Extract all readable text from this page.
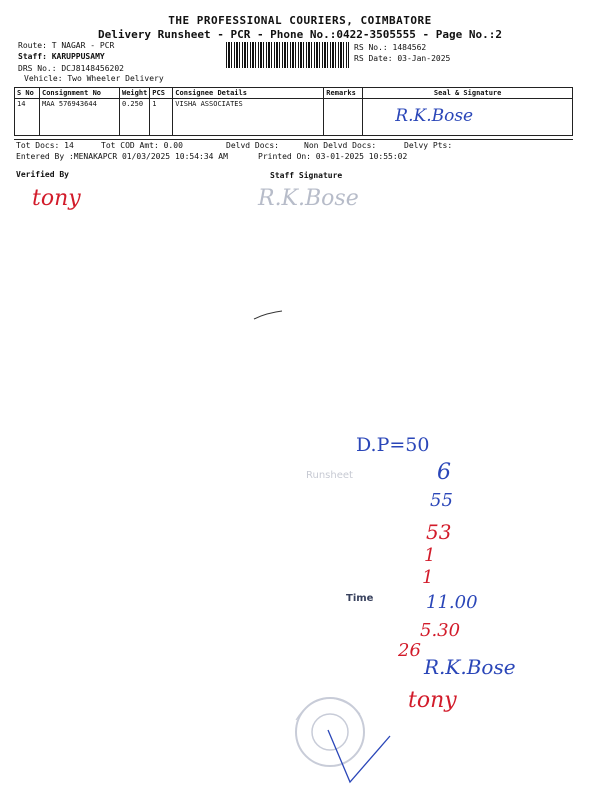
THE PROFESSIONAL COURIERS, COIMBATORE
Delivery Runsheet - PCR - Phone No.:0422-3505555 - Page No.:2
Route: T NAGAR - PCR
Staff: KARUPPUSAMY
DRS No.: DCJ8148456202
Vehicle: Two Wheeler Delivery
RS No.: 1484562
RS Date: 03-Jan-2025
S No	Consignment No	Weight	PCS	Consignee Details	Remarks	Seal & Signature
14	MAA 576943644	0.250	1	VISHA ASSOCIATES		R.K.Bose
Tot Docs: 14	Tot COD Amt: 0.00	Delvd Docs:	Non Delvd Docs:	Delvy Pts:
Entered By :MENAKAPCR 01/03/2025 10:54:34 AM	Printed On: 03-01-2025 10:55:02
Verified By	Staff Signature
tony	R.K.Bose
D.P=50
Runsheet
Time
6
55
53
1
1
11.00
5.30
26
R.K.Bose
tony
